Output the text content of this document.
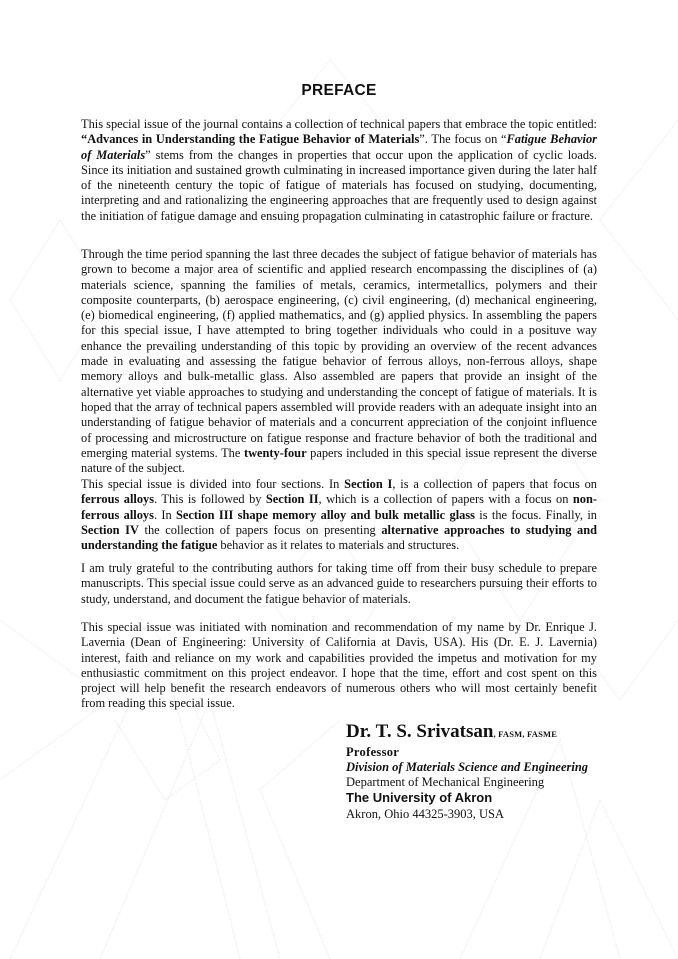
PREFACE

This special issue of the journal contains a collection of technical papers that embrace the topic entitled: “Advances in Understanding the Fatigue Behavior of Materials”. The focus on “Fatigue Behavior of Materials” stems from the changes in properties that occur upon the application of cyclic loads. Since its initiation and sustained growth culminating in increased importance given during the later half of the nineteenth century the topic of fatigue of materials has focused on studying, documenting, interpreting and and rationalizing the engineering approaches that are frequently used to design against the initiation of fatigue damage and ensuing propagation culminating in catastrophic failure or fracture.

Through the time period spanning the last three decades the subject of fatigue behavior of materials has grown to become a major area of scientific and applied research encompassing the disciplines of (a) materials science, spanning the families of metals, ceramics, intermetallics, polymers and their composite counterparts, (b) aerospace engineering, (c) civil engineering, (d) mechanical engineering, (e) biomedical engineering, (f) applied mathematics, and (g) applied physics. In assembling the papers for this special issue, I have attempted to bring together individuals who could in a posituve way enhance the prevailing understanding of this topic by providing an overview of the recent advances made in evaluating and assessing the fatigue behavior of ferrous alloys, non-ferrous alloys, shape memory alloys and bulk-metallic glass. Also assembled are papers that provide an insight of the alternative yet viable approaches to studying and understanding the concept of fatigue of materials. It is hoped that the array of technical papers assembled will provide readers with an adequate insight into an understanding of fatigue behavior of materials and a concurrent appreciation of the conjoint influence of processing and microstructure on fatigue response and fracture behavior of both the traditional and emerging material systems. The twenty-four papers included in this special issue represent the diverse nature of the subject.

This special issue is divided into four sections. In Section I, is a collection of papers that focus on ferrous alloys. This is followed by Section II, which is a collection of papers with a focus on non-ferrous alloys. In Section III shape memory alloy and bulk metallic glass is the focus. Finally, in Section IV the collection of papers focus on presenting alternative approaches to studying and understanding the fatigue behavior as it relates to materials and structures.

I am truly grateful to the contributing authors for taking time off from their busy schedule to prepare manuscripts. This special issue could serve as an advanced guide to researchers pursuing their efforts to study, understand, and document the fatigue behavior of materials.

This special issue was initiated with nomination and recommendation of my name by Dr. Enrique J. Lavernia (Dean of Engineering: University of California at Davis, USA). His (Dr. E. J. Lavernia) interest, faith and reliance on my work and capabilities provided the impetus and motivation for my enthusiastic commitment on this project endeavor. I hope that the time, effort and cost spent on this project will help benefit the research endeavors of numerous others who will most certainly benefit from reading this special issue.

Dr. T. S. Srivatsan, FASM, FASME
Professor
Division of Materials Science and Engineering
Department of Mechanical Engineering
The University of Akron
Akron, Ohio 44325-3903, USA
